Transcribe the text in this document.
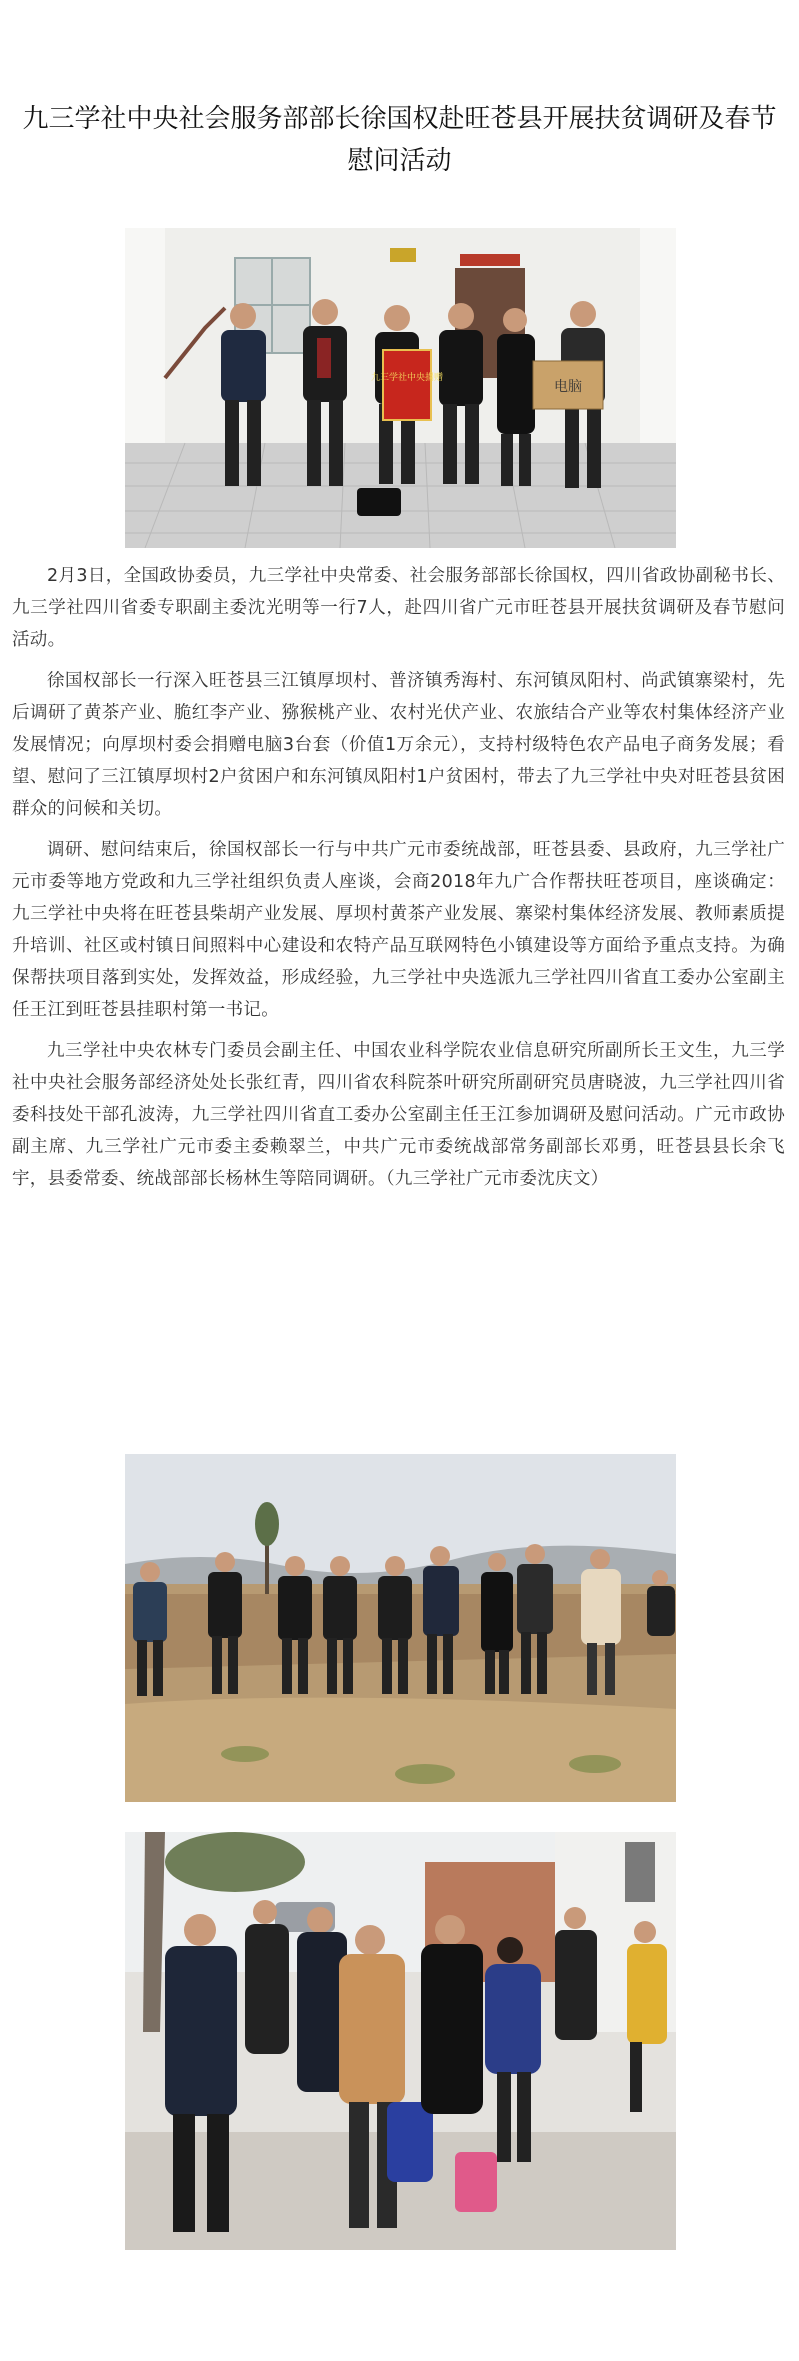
九三学社中央社会服务部部长徐国权赴旺苍县开展扶贫调研及春节慰问活动
九三学社中央捐赠
电脑

2月3日，全国政协委员，九三学社中央常委、社会服务部部长徐国权，四川省政协副秘书长、九三学社四川省委专职副主委沈光明等一行7人，赴四川省广元市旺苍县开展扶贫调研及春节慰问活动。

徐国权部长一行深入旺苍县三江镇厚坝村、普济镇秀海村、东河镇凤阳村、尚武镇寨梁村，先后调研了黄茶产业、脆红李产业、猕猴桃产业、农村光伏产业、农旅结合产业等农村集体经济产业发展情况；向厚坝村委会捐赠电脑3台套（价值1万余元），支持村级特色农产品电子商务发展；看望、慰问了三江镇厚坝村2户贫困户和东河镇凤阳村1户贫困村，带去了九三学社中央对旺苍县贫困群众的问候和关切。

调研、慰问结束后，徐国权部长一行与中共广元市委统战部，旺苍县委、县政府，九三学社广元市委等地方党政和九三学社组织负责人座谈，会商2018年九广合作帮扶旺苍项目，座谈确定：九三学社中央将在旺苍县柴胡产业发展、厚坝村黄茶产业发展、寨梁村集体经济发展、教师素质提升培训、社区或村镇日间照料中心建设和农特产品互联网特色小镇建设等方面给予重点支持。为确保帮扶项目落到实处，发挥效益，形成经验，九三学社中央选派九三学社四川省直工委办公室副主任王江到旺苍县挂职村第一书记。

九三学社中央农林专门委员会副主任、中国农业科学院农业信息研究所副所长王文生，九三学社中央社会服务部经济处处长张红青，四川省农科院茶叶研究所副研究员唐晓波，九三学社四川省委科技处干部孔波涛，九三学社四川省直工委办公室副主任王江参加调研及慰问活动。广元市政协副主席、九三学社广元市委主委赖翠兰，中共广元市委统战部常务副部长邓勇，旺苍县县长余飞宇，县委常委、统战部部长杨林生等陪同调研。（九三学社广元市委沈庆文）
